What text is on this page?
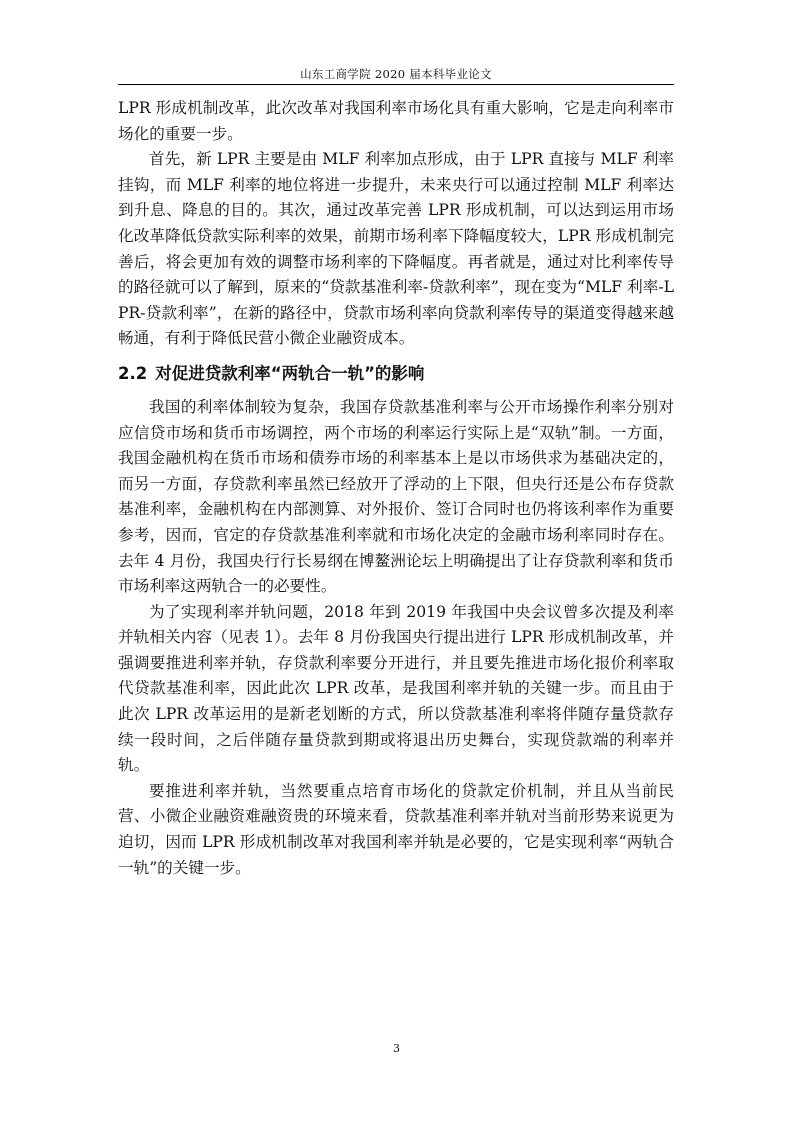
山东工商学院 2020 届本科毕业论文

LPR 形成机制改革，此次改革对我国利率市场化具有重大影响，它是走向利率市场化的重要一步。

首先，新 LPR 主要是由 MLF 利率加点形成，由于 LPR 直接与 MLF 利率挂钩，而 MLF 利率的地位将进一步提升，未来央行可以通过控制 MLF 利率达到升息、降息的目的。其次，通过改革完善 LPR 形成机制，可以达到运用市场化改革降低贷款实际利率的效果，前期市场利率下降幅度较大，LPR 形成机制完善后，将会更加有效的调整市场利率的下降幅度。再者就是，通过对比利率传导的路径就可以了解到，原来的“贷款基准利率-贷款利率”，现在变为“MLF 利率-LPR-贷款利率”，在新的路径中，贷款市场利率向贷款利率传导的渠道变得越来越畅通，有利于降低民营小微企业融资成本。

2.2 对促进贷款利率“两轨合一轨”的影响

我国的利率体制较为复杂，我国存贷款基准利率与公开市场操作利率分别对应信贷市场和货币市场调控，两个市场的利率运行实际上是“双轨”制。一方面，我国金融机构在货币市场和债券市场的利率基本上是以市场供求为基础决定的，而另一方面，存贷款利率虽然已经放开了浮动的上下限，但央行还是公布存贷款基准利率，金融机构在内部测算、对外报价、签订合同时也仍将该利率作为重要参考，因而，官定的存贷款基准利率就和市场化决定的金融市场利率同时存在。去年 4 月份，我国央行行长易纲在博鳌洲论坛上明确提出了让存贷款利率和货币市场利率这两轨合一的必要性。

为了实现利率并轨问题，2018 年到 2019 年我国中央会议曾多次提及利率并轨相关内容（见表 1）。去年 8 月份我国央行提出进行 LPR 形成机制改革，并强调要推进利率并轨，存贷款利率要分开进行，并且要先推进市场化报价利率取代贷款基准利率，因此此次 LPR 改革，是我国利率并轨的关键一步。而且由于此次 LPR 改革运用的是新老划断的方式，所以贷款基准利率将伴随存量贷款存续一段时间，之后伴随存量贷款到期或将退出历史舞台，实现贷款端的利率并轨。

要推进利率并轨，当然要重点培育市场化的贷款定价机制，并且从当前民营、小微企业融资难融资贵的环境来看，贷款基准利率并轨对当前形势来说更为迫切，因而 LPR 形成机制改革对我国利率并轨是必要的，它是实现利率“两轨合一轨”的关键一步。

3
